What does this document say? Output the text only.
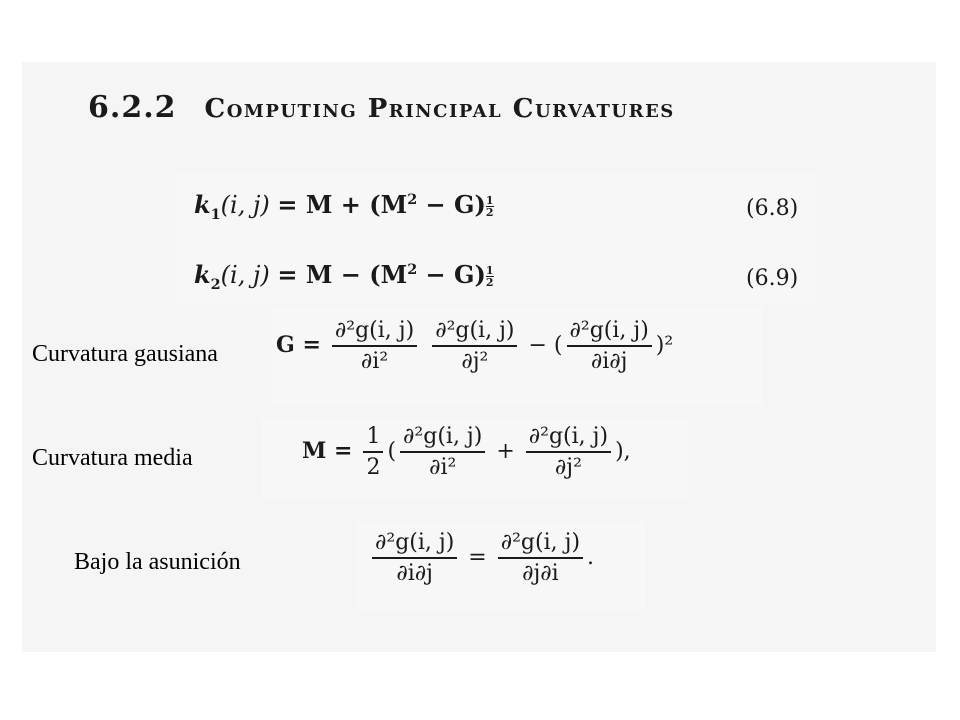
6.2.2 Computing Principal Curvatures
$k_1(i$, $j) = M + (M^2 - G) \frac{1}{2}$	(6.8)
$k_2(i$, $j) = M - (M^2 - G) \frac{1}{2}$	(6.9)
Curvatura gausiana	$G = \frac{\text{∂²g(i, j)}}{\text{∂i²}}$
$\frac{\text{∂²g(i, j)}}{\text{∂j²}}$ − ( $\frac{\text{∂²g(i, j)}}{\partial i\partial j} )^2$
Curvatura media	$M = \frac{1}{2}$ ( $\frac{\text{∂²g(i, j)}}{\text{∂i²}} + \frac{\text{∂²g(i, j)}}{\text{∂j²}}$ ),
Bajo la asunición	$\frac{\text{∂²g(i, j)}}{\partial i\partial j} = \frac{\text{∂²g(i, j)}}{\partial j\partial i}$ .
